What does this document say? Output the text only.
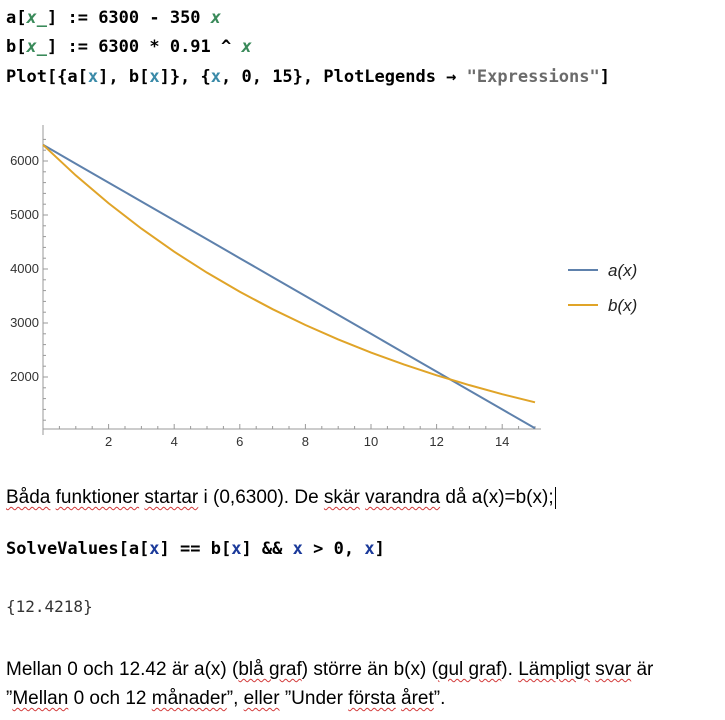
a[x_] := 6300 - 350 x
b[x_] := 6300 * 0.91 ^ x
Plot[{a[x], b[x]}, {x, 0, 15}, PlotLegends → "Expressions"]
2000
3000
4000
5000
6000
2	4	6	8	10	12	14
a(x)
b(x)
Båda funktioner startar i (0,6300). De skär varandra då a(x)=b(x);
SolveValues[a[x] == b[x] && x > 0, x]
{12.4218}
Mellan 0 och 12.42 är a(x) (blå graf) större än b(x) (gul graf). Lämpligt svar är
”Mellan 0 och 12 månader”, eller ”Under första året”.
